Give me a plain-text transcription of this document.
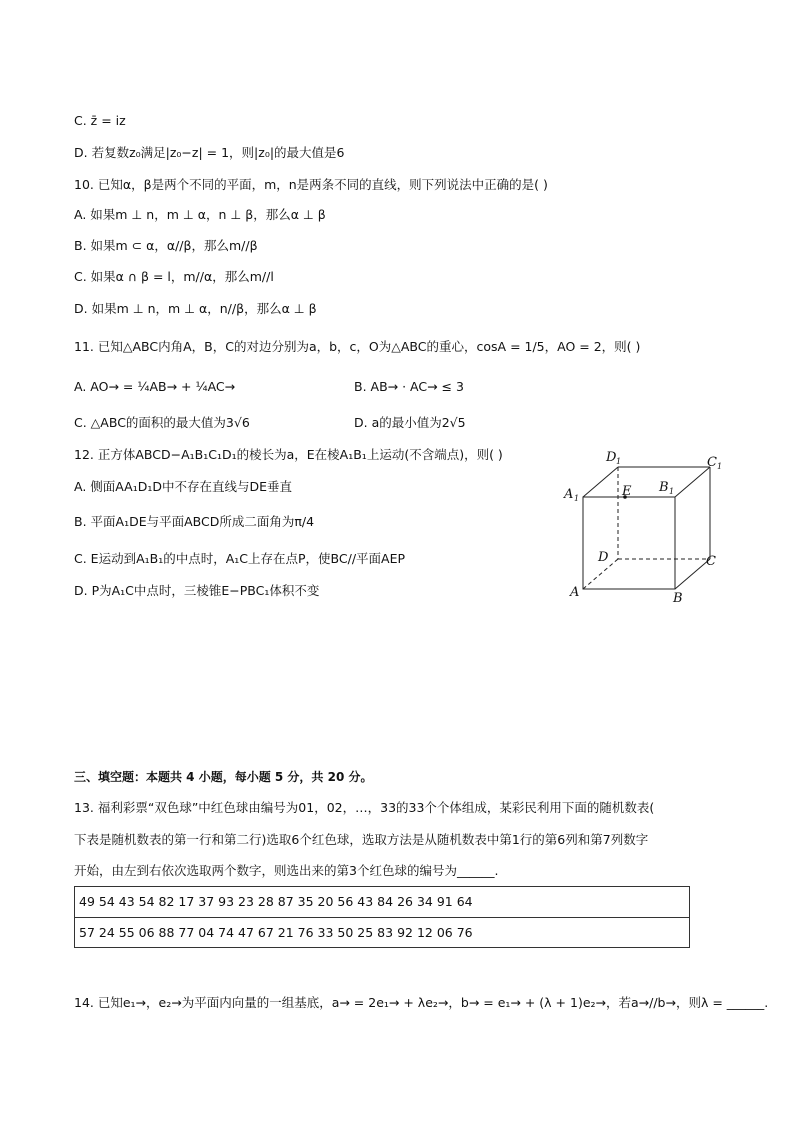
C. z̄ = iz
D. 若复数z₀满足|z₀−z| = 1，则|z₀|的最大值是6
10. 已知α，β是两个不同的平面，m，n是两条不同的直线，则下列说法中正确的是( )
A. 如果m ⊥ n，m ⊥ α，n ⊥ β，那么α ⊥ β
B. 如果m ⊂ α，α//β，那么m//β
C. 如果α ∩ β = l，m//α，那么m//l
D. 如果m ⊥ n，m ⊥ α，n//β，那么α ⊥ β
11. 已知△ABC内角A，B，C的对边分别为a，b，c，O为△ABC的重心，cosA = 1/5，AO = 2，则( )
A. AO→ = ¼AB→ + ¼AC→	B. AB→ · AC→ ≤ 3
C. △ABC的面积的最大值为3√6	D. a的最小值为2√5
12. 正方体ABCD−A₁B₁C₁D₁的棱长为a，E在棱A₁B₁上运动(不含端点)，则( )
A. 侧面AA₁D₁D中不存在直线与DE垂直
B. 平面A₁DE与平面ABCD所成二面角为π/4
C. E运动到A₁B₁的中点时，A₁C上存在点P，使BC//平面AEP
D. P为A₁C中点时，三棱锥E−PBC₁体积不变
D 1	C 1
A 1	E B 1
D	C
A	B
三、填空题：本题共 4 小题，每小题 5 分，共 20 分。
13. 福利彩票“双色球”中红色球由编号为01，02，…，33的33个个体组成，某彩民利用下面的随机数表(
下表是随机数表的第一行和第二行)选取6个红色球，选取方法是从随机数表中第1行的第6列和第7列数字
开始，由左到右依次选取两个数字，则选出来的第3个红色球的编号为______.
49 54 43 54 82 17 37 93 23 28 87 35 20 56 43 84 26 34 91 64
57 24 55 06 88 77 04 74 47 67 21 76 33 50 25 83 92 12 06 76
14. 已知e₁→，e₂→为平面内向量的一组基底，a→ = 2e₁→ + λe₂→，b→ = e₁→ + (λ + 1)e₂→，若a→//b→，则λ = ______.
